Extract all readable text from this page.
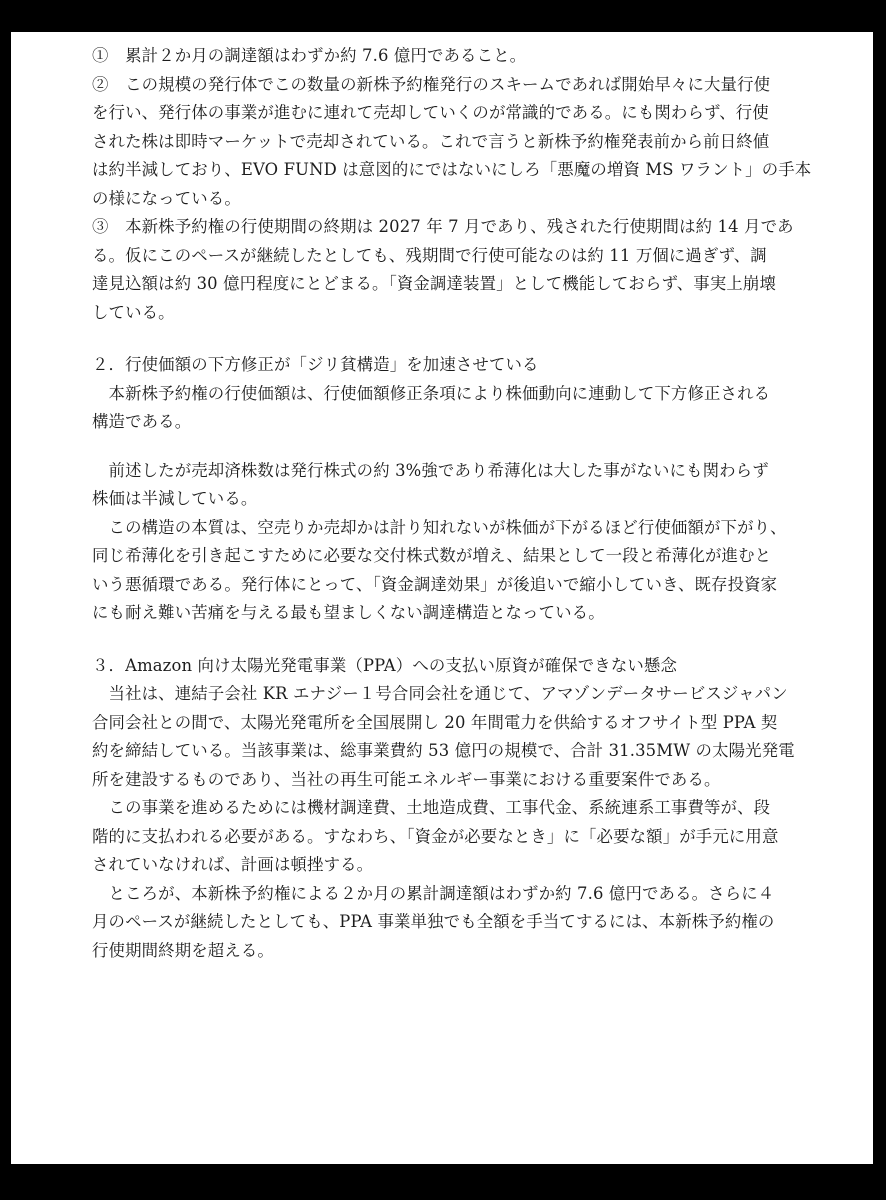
①　累計２か月の調達額はわずか約 7.6 億円であること。
②　この規模の発行体でこの数量の新株予約権発行のスキームであれば開始早々に大量行使
を行い、発行体の事業が進むに連れて売却していくのが常識的である。にも関わらず、行使
された株は即時マーケットで売却されている。これで言うと新株予約権発表前から前日終値
は約半減しており、EVO FUND は意図的にではないにしろ「悪魔の増資 MS ワラント」の手本
の様になっている。
③　本新株予約権の行使期間の終期は 2027 年 7 月であり、残された行使期間は約 14 月であ
る。仮にこのペースが継続したとしても、残期間で行使可能なのは約 11 万個に過ぎず、調
達見込額は約 30 億円程度にとどまる。「資金調達装置」として機能しておらず、事実上崩壊
している。
２．行使価額の下方修正が「ジリ貧構造」を加速させている
　本新株予約権の行使価額は、行使価額修正条項により株価動向に連動して下方修正される
構造である。
　前述したが売却済株数は発行株式の約 3%強であり希薄化は大した事がないにも関わらず
株価は半減している。
　この構造の本質は、空売りか売却かは計り知れないが株価が下がるほど行使価額が下がり、
同じ希薄化を引き起こすために必要な交付株式数が増え、結果として一段と希薄化が進むと
いう悪循環である。発行体にとって、「資金調達効果」が後追いで縮小していき、既存投資家
にも耐え難い苦痛を与える最も望ましくない調達構造となっている。
３．Amazon 向け太陽光発電事業（PPA）への支払い原資が確保できない懸念
　当社は、連結子会社 KR エナジー１号合同会社を通じて、アマゾンデータサービスジャパン
合同会社との間で、太陽光発電所を全国展開し 20 年間電力を供給するオフサイト型 PPA 契
約を締結している。当該事業は、総事業費約 53 億円の規模で、合計 31.35MW の太陽光発電
所を建設するものであり、当社の再生可能エネルギー事業における重要案件である。
　この事業を進めるためには機材調達費、土地造成費、工事代金、系統連系工事費等が、段
階的に支払われる必要がある。すなわち、「資金が必要なとき」に「必要な額」が手元に用意
されていなければ、計画は頓挫する。
　ところが、本新株予約権による２か月の累計調達額はわずか約 7.6 億円である。さらに４
月のペースが継続したとしても、PPA 事業単独でも全額を手当てするには、本新株予約権の
行使期間終期を超える。
